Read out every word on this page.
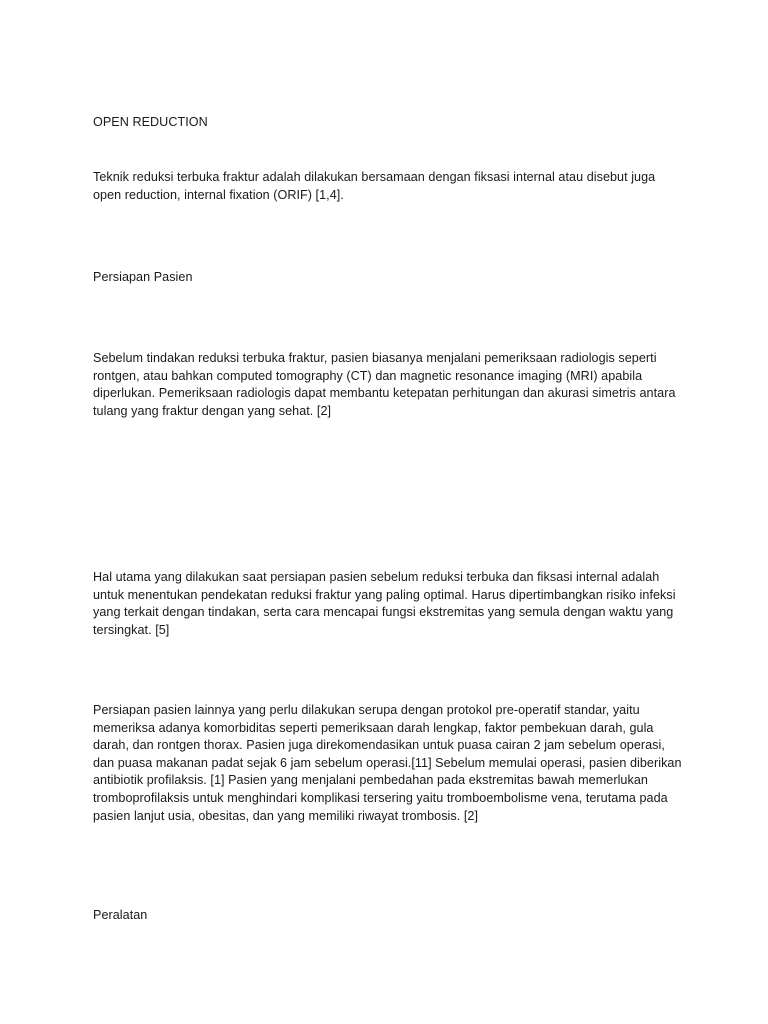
OPEN REDUCTION

Teknik reduksi terbuka fraktur adalah dilakukan bersamaan dengan fiksasi internal atau disebut juga open reduction, internal fixation (ORIF) [1,4].

Persiapan Pasien

Sebelum tindakan reduksi terbuka fraktur, pasien biasanya menjalani pemeriksaan radiologis seperti rontgen, atau bahkan computed tomography (CT) dan magnetic resonance imaging (MRI) apabila diperlukan. Pemeriksaan radiologis dapat membantu ketepatan perhitungan dan akurasi simetris antara tulang yang fraktur dengan yang sehat. [2]

Hal utama yang dilakukan saat persiapan pasien sebelum reduksi terbuka dan fiksasi internal adalah untuk menentukan pendekatan reduksi fraktur yang paling optimal. Harus dipertimbangkan risiko infeksi yang terkait dengan tindakan, serta cara mencapai fungsi ekstremitas yang semula dengan waktu yang tersingkat. [5]

Persiapan pasien lainnya yang perlu dilakukan serupa dengan protokol pre-operatif standar, yaitu memeriksa adanya komorbiditas seperti pemeriksaan darah lengkap, faktor pembekuan darah, gula darah, dan rontgen thorax. Pasien juga direkomendasikan untuk puasa cairan 2 jam sebelum operasi, dan puasa makanan padat sejak 6 jam sebelum operasi.[11] Sebelum memulai operasi, pasien diberikan antibiotik profilaksis. [1] Pasien yang menjalani pembedahan pada ekstremitas bawah memerlukan tromboprofilaksis untuk menghindari komplikasi tersering yaitu tromboembolisme vena, terutama pada pasien lanjut usia, obesitas, dan yang memiliki riwayat trombosis. [2]

Peralatan
